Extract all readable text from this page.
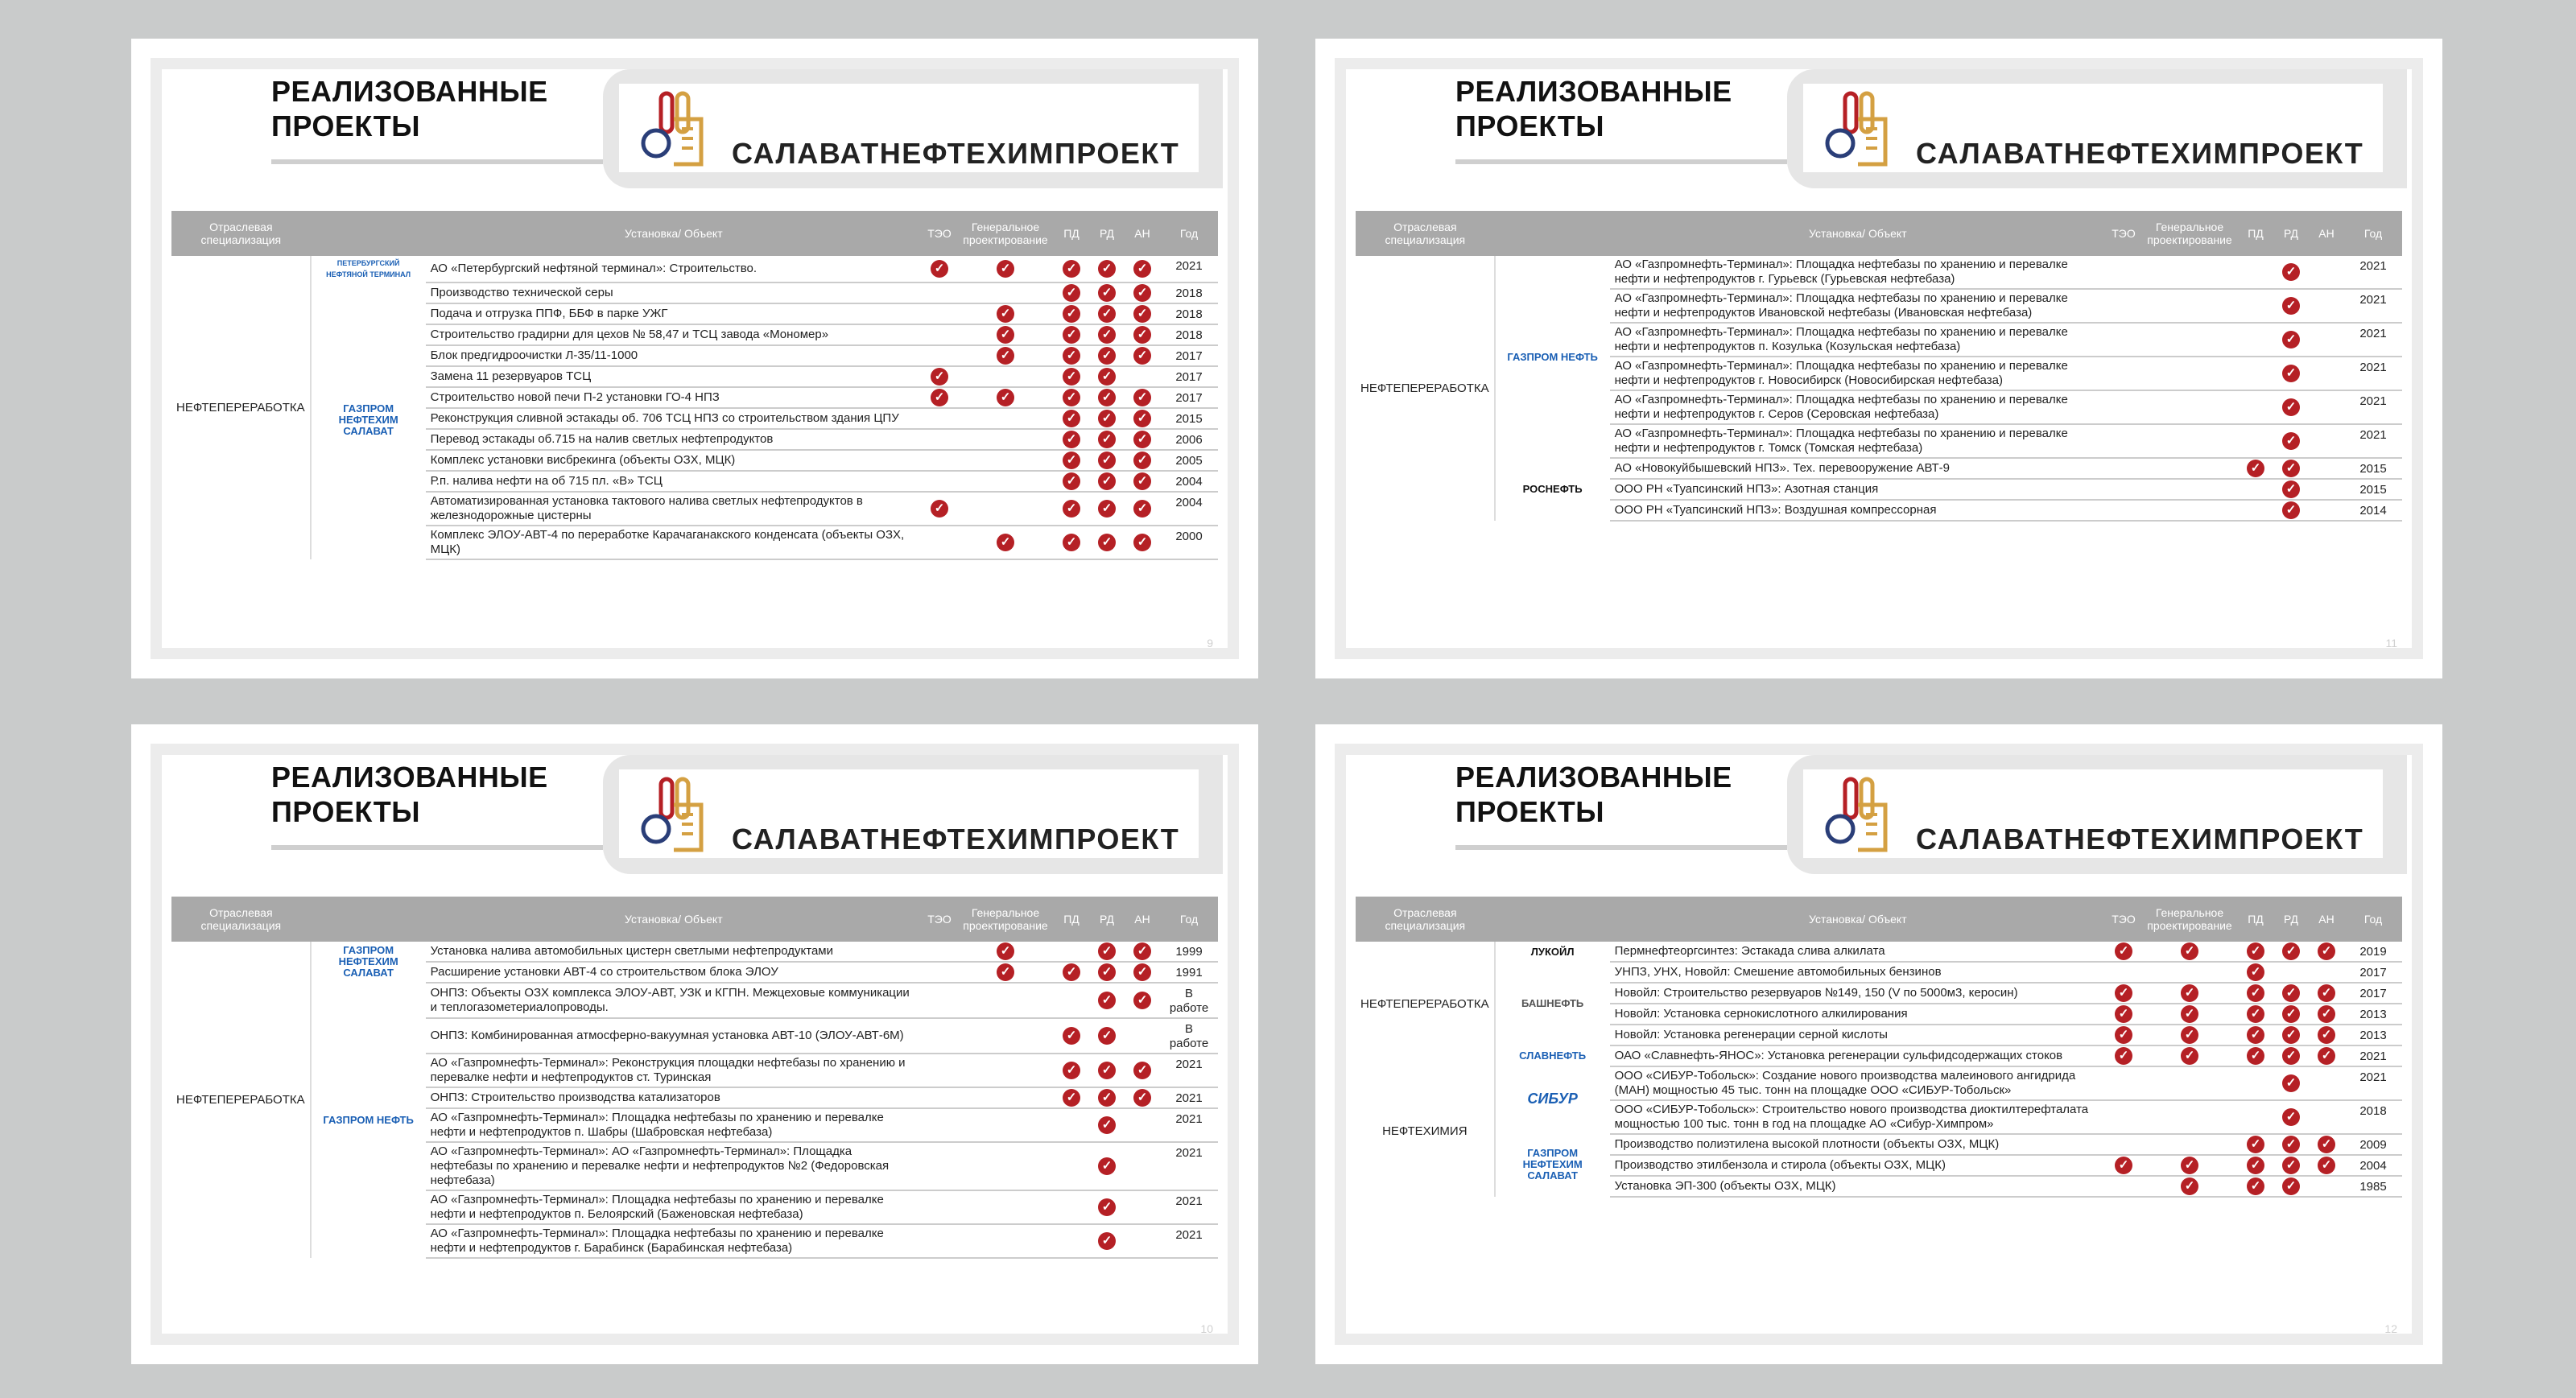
РЕАЛИЗОВАННЫЕ
ПРОЕКТЫ
САЛАВАТНЕФТЕХИМПРОЕКТ
Отраслевая специализация		Установка/ Объект	ТЭО	Генеральное проектирование	ПД	РД	АН	Год
НЕФТЕПЕРЕРАБОТКА	ПЕТЕРБУРГСКИЙ НЕФТЯНОЙ ТЕРМИНАЛ	АО «Петербургский нефтяной терминал»: Строительство.	✓	✓	✓	✓	✓	2021
	ГАЗПРОМ НЕФТЕХИМ САЛАВАТ	Производство технической серы			✓	✓	✓	2018
		Подача и отгрузка ППФ, ББФ в парке УЖГ		✓	✓	✓	✓	2018
		Строительство градирни для цехов № 58,47 и ТСЦ завода «Мономер»		✓	✓	✓	✓	2018
		Блок предгидроочистки Л-35/11-1000		✓	✓	✓	✓	2017
		Замена 11 резервуаров ТСЦ	✓		✓	✓		2017
		Строительство новой печи П-2 установки ГО-4 НПЗ	✓	✓	✓	✓	✓	2017
		Реконструкция сливной эстакады об. 706 ТСЦ НПЗ со строительством здания ЦПУ			✓	✓	✓	2015
		Перевод эстакады об.715 на налив светлых нефтепродуктов			✓	✓	✓	2006
		Комплекс установки висбрекинга (объекты ОЗХ, МЦК)			✓	✓	✓	2005
		Р.п. налива нефти на об 715 пл. «В» ТСЦ			✓	✓	✓	2004
		Автоматизированная установка тактового налива светлых нефтепродуктов в железнодорожные цистерны	✓		✓	✓	✓	2004
		Комплекс ЭЛОУ-АВТ-4 по переработке Карачаганакского конденсата (объекты ОЗХ, МЦК)		✓	✓	✓	✓	2000
9
РЕАЛИЗОВАННЫЕ
ПРОЕКТЫ
САЛАВАТНЕФТЕХИМПРОЕКТ
Отраслевая специализация		Установка/ Объект	ТЭО	Генеральное проектирование	ПД	РД	АН	Год
НЕФТЕПЕРЕРАБОТКА	ГАЗПРОМ НЕФТЬ	АО «Газпромнефть-Терминал»: Площадка нефтебазы по хранению и перевалке нефти и нефтепродуктов г. Гурьевск (Гурьевская нефтебаза)				✓		2021
		АО «Газпромнефть-Терминал»: Площадка нефтебазы по хранению и перевалке нефти и нефтепродуктов Ивановской нефтебазы (Ивановская нефтебаза)				✓		2021
		АО «Газпромнефть-Терминал»: Площадка нефтебазы по хранению и перевалке нефти и нефтепродуктов п. Козулька (Козульская нефтебаза)				✓		2021
		АО «Газпромнефть-Терминал»: Площадка нефтебазы по хранению и перевалке нефти и нефтепродуктов г. Новосибирск (Новосибирская нефтебаза)				✓		2021
		АО «Газпромнефть-Терминал»: Площадка нефтебазы по хранению и перевалке нефти и нефтепродуктов г. Серов (Серовская нефтебаза)				✓		2021
		АО «Газпромнефть-Терминал»: Площадка нефтебазы по хранению и перевалке нефти и нефтепродуктов г. Томск (Томская нефтебаза)				✓		2021
	РОСНЕФТЬ	АО «Новокуйбышевский НПЗ». Тех. перевооружение АВТ-9			✓	✓		2015
		ООО РН «Туапсинский НПЗ»: Азотная станция				✓		2015
		ООО РН «Туапсинский НПЗ»: Воздушная компрессорная				✓		2014
11
РЕАЛИЗОВАННЫЕ
ПРОЕКТЫ
САЛАВАТНЕФТЕХИМПРОЕКТ
Отраслевая специализация		Установка/ Объект	ТЭО	Генеральное проектирование	ПД	РД	АН	Год
НЕФТЕПЕРЕРАБОТКА	ГАЗПРОМ НЕФТЕХИМ САЛАВАТ	Установка налива автомобильных цистерн светлыми нефтепродуктами		✓		✓	✓	1999
		Расширение установки АВТ-4 со строительством блока ЭЛОУ		✓	✓	✓	✓	1991
	ГАЗПРОМ НЕФТЬ	ОНПЗ: Объекты ОЗХ комплекса ЭЛОУ-АВТ, УЗК и КГПН. Межцеховые коммуникации и теплогазометериалопроводы.				✓	✓	В работе
		ОНПЗ: Комбинированная атмосферно-вакуумная установка АВТ-10 (ЭЛОУ-АВТ-6М)			✓	✓		В работе
		АО «Газпромнефть-Терминал»: Реконструкция площадки нефтебазы по хранению и перевалке нефти и нефтепродуктов ст. Туринская			✓	✓	✓	2021
		ОНПЗ: Строительство производства катализаторов			✓	✓	✓	2021
		АО «Газпромнефть-Терминал»: Площадка нефтебазы по хранению и перевалке нефти и нефтепродуктов п. Шабры (Шабровская нефтебаза)				✓		2021
		АО «Газпромнефть-Терминал»: АО «Газпромнефть-Терминал»: Площадка нефтебазы по хранению и перевалке нефти и нефтепродуктов №2 (Федоровская нефтебаза)				✓		2021
		АО «Газпромнефть-Терминал»: Площадка нефтебазы по хранению и перевалке нефти и нефтепродуктов п. Белоярский (Баженовская нефтебаза)				✓		2021
		АО «Газпромнефть-Терминал»: Площадка нефтебазы по хранению и перевалке нефти и нефтепродуктов г. Барабинск (Барабинская нефтебаза)				✓		2021
10
РЕАЛИЗОВАННЫЕ
ПРОЕКТЫ
САЛАВАТНЕФТЕХИМПРОЕКТ
Отраслевая специализация		Установка/ Объект	ТЭО	Генеральное проектирование	ПД	РД	АН	Год
НЕФТЕПЕРЕРАБОТКА	ЛУКОЙЛ	Пермнефтеоргсинтез: Эстакада слива алкилата	✓	✓	✓	✓	✓	2019
	БАШНЕФТЬ	УНПЗ, УНХ, Новойл: Смешение автомобильных бензинов			✓			2017
		Новойл: Строительство резервуаров №149, 150 (V по 5000м3, керосин)	✓	✓	✓	✓	✓	2017
		Новойл: Установка сернокислотного алкилирования	✓	✓	✓	✓	✓	2013
		Новойл: Установка регенерации серной кислоты	✓	✓	✓	✓	✓	2013
	СЛАВНЕФТЬ	ОАО «Славнефть-ЯНОС»: Установка регенерации сульфидсодержащих стоков	✓	✓	✓	✓	✓	2021
НЕФТЕХИМИЯ	СИБУР	ООО «СИБУР-Тобольск»: Создание нового производства малеинового ангидрида (МАН) мощностью 45 тыс. тонн на площадке ООО «СИБУР-Тобольск»				✓		2021
		ООО «СИБУР-Тобольск»: Строительство нового производства диоктилтерефталата мощностью 100 тыс. тонн в год на площадке АО «Сибур-Химпром»				✓		2018
	ГАЗПРОМ НЕФТЕХИМ САЛАВАТ	Производство полиэтилена высокой плотности (объекты ОЗХ, МЦК)			✓	✓	✓	2009
		Производство этилбензола и стирола (объекты ОЗХ, МЦК)	✓	✓	✓	✓	✓	2004
		Установка ЭП-300 (объекты ОЗХ, МЦК)		✓	✓	✓		1985
12
